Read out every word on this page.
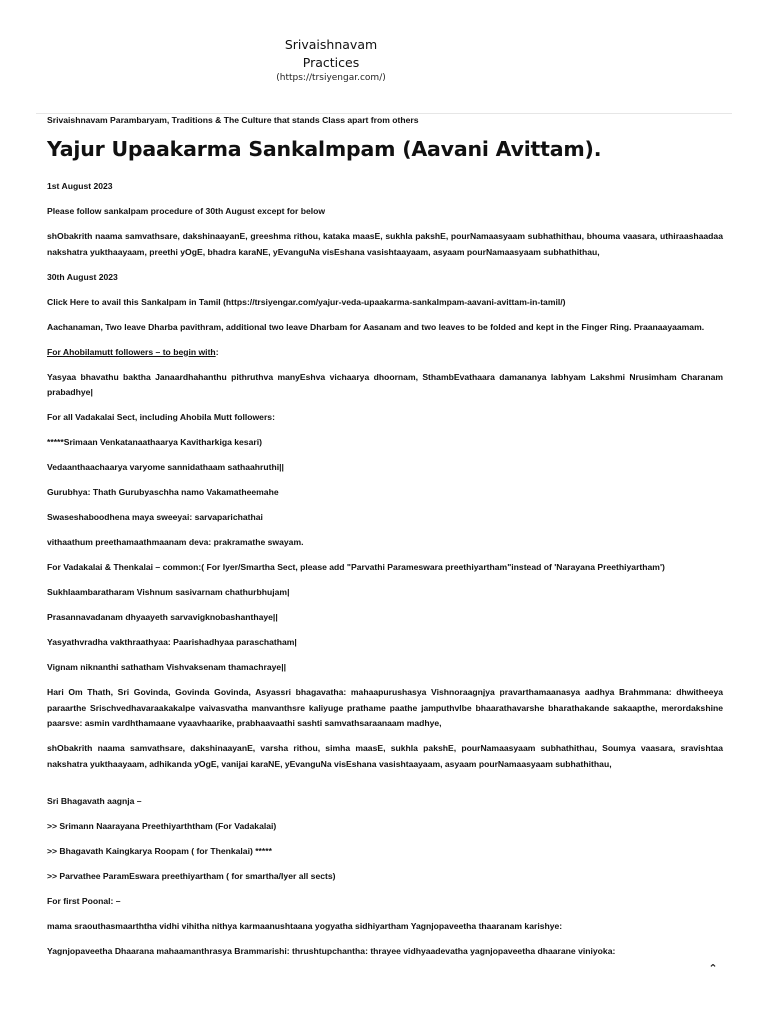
Srivaishnavam
Practices
(https://trsiyengar.com/)
Srivaishnavam Parambaryam, Traditions & The Culture that stands Class apart from others
Yajur Upaakarma Sankalmpam (Aavani Avittam).

1st August 2023

Please follow sankalpam procedure of 30th August except for below

shObakrith naama samvathsare, dakshinaayanE, greeshma rithou, kataka maasE, sukhla pakshE, pourNamaasyaam subhathithau, bhouma vaasara, uthiraashaadaa nakshatra yukthaayaam, preethi yOgE, bhadra karaNE, yEvanguNa visEshana vasishtaayaam, asyaam pourNamaasyaam subhathithau,

30th August 2023

Click Here to avail this Sankalpam in Tamil (https://trsiyengar.com/yajur-veda-upaakarma-sankalmpam-aavani-avittam-in-tamil/)

Aachanaman, Two leave Dharba pavithram, additional two leave Dharbam for Aasanam and two leaves to be folded and kept in the Finger Ring. Praanaayaamam.

For Ahobilamutt followers – to begin with:

Yasyaa bhavathu baktha Janaardhahanthu pithruthva manyEshva vichaarya dhoornam, SthambEvathaara damananya labhyam Lakshmi Nrusimham Charanam prabadhye|

For all Vadakalai Sect, including Ahobila Mutt followers:

*****Srimaan Venkatanaathaarya Kavitharkiga kesari)

Vedaanthaachaarya varyome sannidathaam sathaahruthi||

Gurubhya: Thath Gurubyaschha namo Vakamatheemahe

Swaseshaboodhena maya sweeyai: sarvaparichathai

vithaathum preethamaathmaanam deva: prakramathe swayam.

For Vadakalai & Thenkalai – common:( For Iyer/Smartha Sect, please add "Parvathi Parameswara preethiyartham"instead of 'Narayana Preethiyartham')

Sukhlaambaratharam Vishnum sasivarnam chathurbhujam|

Prasannavadanam dhyaayeth sarvavigknobashanthaye||

Yasyathvradha vakthraathyaa: Paarishadhyaa paraschatham|

Vignam niknanthi sathatham Vishvaksenam thamachraye||

Hari Om Thath, Sri Govinda, Govinda Govinda, Asyassri bhagavatha: mahaapurushasya Vishnoraagnjya pravarthamaanasya aadhya Brahmmana: dhwitheeya paraarthe Srischvedhavaraakakalpe vaivasvatha manvanthsre kaliyuge prathame paathe jamputhvlbe bhaarathavarshe bharathakande sakaapthe, merordakshine paarsve: asmin vardhthamaane vyaavhaarike, prabhaavaathi sashti samvathsaraanaam madhye,

shObakrith naama samvathsare, dakshinaayanE, varsha rithou, simha maasE, sukhla pakshE, pourNamaasyaam subhathithau, Soumya vaasara, sravishtaa nakshatra yukthaayaam, adhikanda yOgE, vanijai karaNE, yEvanguNa visEshana vasishtaayaam, asyaam pourNamaasyaam subhathithau,

Sri Bhagavath aagnja –

>> Srimann Naarayana Preethiyarththam (For Vadakalai)

>> Bhagavath Kaingkarya Roopam ( for Thenkalai) *****

>> Parvathee ParamEswara preethiyartham ( for smartha/Iyer all sects)

For first Poonal: –

mama sraouthasmaarththa vidhi vihitha nithya karmaanushtaana yogyatha sidhiyartham Yagnjopaveetha thaaranam karishye:

Yagnjopaveetha Dhaarana mahaamanthrasya Brammarishi: thrushtupchantha: thrayee vidhyaadevatha yagnjopaveetha dhaarane viniyoka:

⌃
